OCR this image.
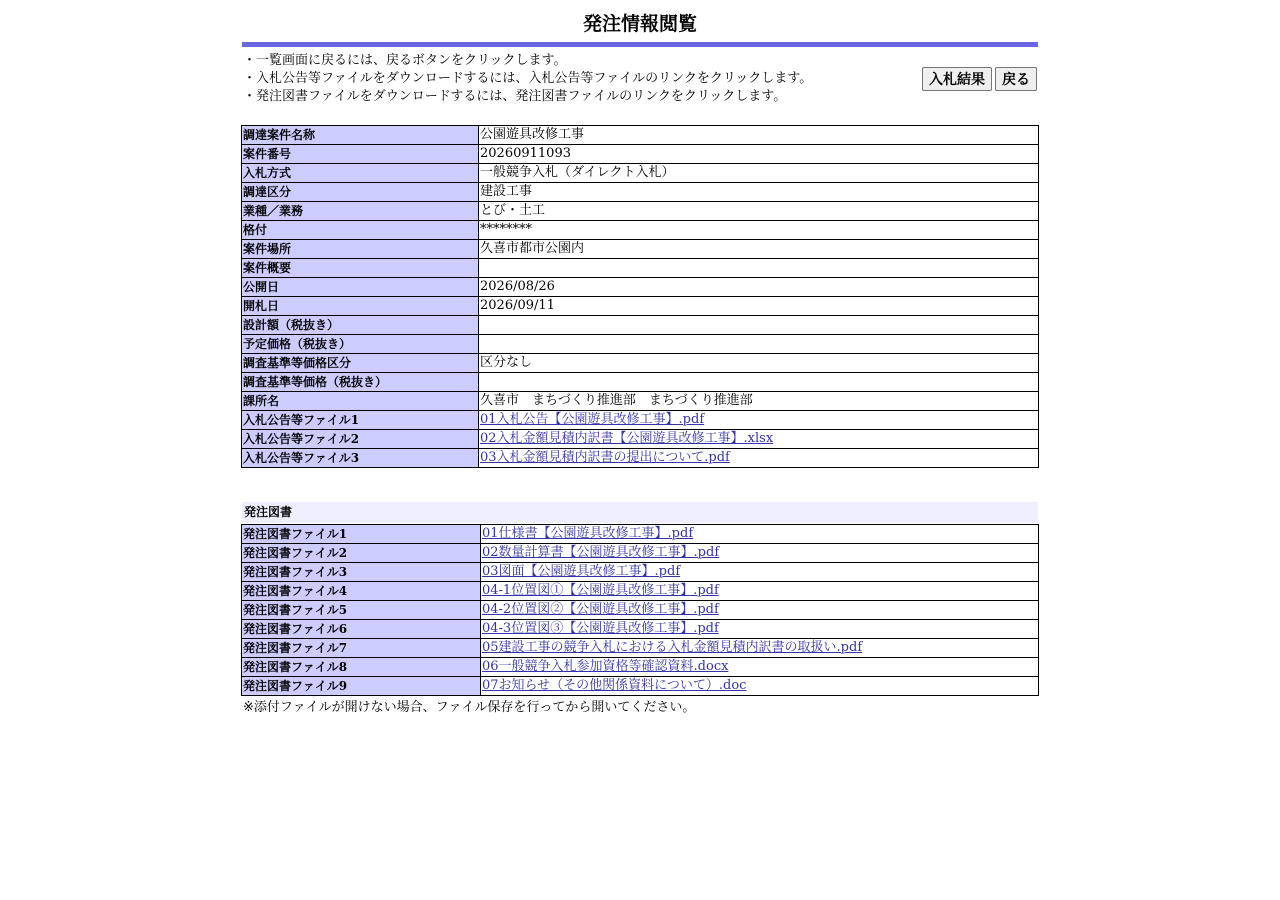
発注情報閲覧
・一覧画面に戻るには、戻るボタンをクリックします。
・入札公告等ファイルをダウンロードするには、入札公告等ファイルのリンクをクリックします。
・発注図書ファイルをダウンロードするには、発注図書ファイルのリンクをクリックします。
入札結果	戻る
調達案件名称	公園遊具改修工事
案件番号	20260911093
入札方式	一般競争入札（ダイレクト入札）
調達区分	建設工事
業種／業務	とび・土工
格付	********
案件場所	久喜市都市公園内
案件概要	
公開日	2026/08/26
開札日	2026/09/11
設計額（税抜き）	
予定価格（税抜き）	
調査基準等価格区分	区分なし
調査基準等価格（税抜き）	
課所名	久喜市　まちづくり推進部　まちづくり推進部
入札公告等ファイル1	01入札公告【公園遊具改修工事】.pdf
入札公告等ファイル2	02入札金額見積内訳書【公園遊具改修工事】.xlsx
入札公告等ファイル3	03入札金額見積内訳書の提出について.pdf
発注図書
発注図書ファイル1	01仕様書【公園遊具改修工事】.pdf
発注図書ファイル2	02数量計算書【公園遊具改修工事】.pdf
発注図書ファイル3	03図面【公園遊具改修工事】.pdf
発注図書ファイル4	04-1位置図①【公園遊具改修工事】.pdf
発注図書ファイル5	04-2位置図②【公園遊具改修工事】.pdf
発注図書ファイル6	04-3位置図③【公園遊具改修工事】.pdf
発注図書ファイル7	05建設工事の競争入札における入札金額見積内訳書の取扱い.pdf
発注図書ファイル8	06一般競争入札参加資格等確認資料.docx
発注図書ファイル9	07お知らせ（その他関係資料について）.doc
※添付ファイルが開けない場合、ファイル保存を行ってから開いてください。
